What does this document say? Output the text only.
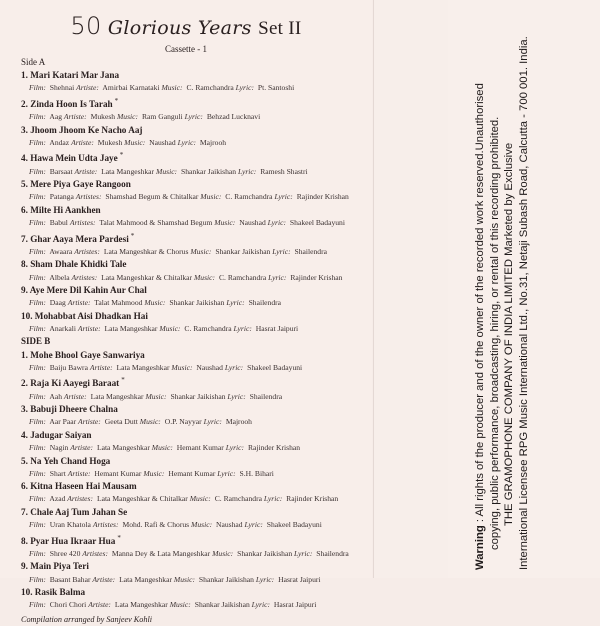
50 Glorious Years Set II
Cassette - 1
Side A
1. Mari Katari Mar Jana
Film: Shehnai Artiste: Amirbai Karnataki Music: C. Ramchandra Lyric: Pt. Santoshi
2. Zinda Hoon Is Tarah *
Film: Aag Artiste: Mukesh Music: Ram Ganguli Lyric: Behzad Lucknavi
3. Jhoom Jhoom Ke Nacho Aaj
Film: Andaz Artiste: Mukesh Music: Naushad Lyric: Majrooh
4. Hawa Mein Udta Jaye *
Film: Barsaat Artiste: Lata Mangeshkar Music: Shankar Jaikishan Lyric: Ramesh Shastri
5. Mere Piya Gaye Rangoon
Film: Patanga Artistes: Shamshad Begum & Chitalkar Music: C. Ramchandra Lyric: Rajinder Krishan
6. Milte Hi Aankhen
Film: Babul Artistes: Talat Mahmood & Shamshad Begum Music: Naushad Lyric: Shakeel Badayuni
7. Ghar Aaya Mera Pardesi *
Film: Awaara Artistes: Lata Mangeshkar & Chorus Music: Shankar Jaikishan Lyric: Shailendra
8. Sham Dhale Khidki Tale
Film: Albela Artistes: Lata Mangeshkar & Chitalkar Music: C. Ramchandra Lyric: Rajinder Krishan
9. Aye Mere Dil Kahin Aur Chal
Film: Daag Artiste: Talat Mahmood Music: Shankar Jaikishan Lyric: Shailendra
10. Mohabbat Aisi Dhadkan Hai
Film: Anarkali Artiste: Lata Mangeshkar Music: C. Ramchandra Lyric: Hasrat Jaipuri
SIDE B
1. Mohe Bhool Gaye Sanwariya
Film: Baiju Bawra Artiste: Lata Mangeshkar Music: Naushad Lyric: Shakeel Badayuni
2. Raja Ki Aayegi Baraat *
Film: Aah Artiste: Lata Mangeshkar Music: Shankar Jaikishan Lyric: Shailendra
3. Babuji Dheere Chalna
Film: Aar Paar Artiste: Geeta Dutt Music: O.P. Nayyar Lyric: Majrooh
4. Jadugar Saiyan
Film: Nagin Artiste: Lata Mangeshkar Music: Hemant Kumar Lyric: Rajinder Krishan
5. Na Yeh Chand Hoga
Film: Shart Artiste: Hemant Kumar Music: Hemant Kumar Lyric: S.H. Bihari
6. Kitna Haseen Hai Mausam
Film: Azad Artistes: Lata Mangeshkar & Chitalkar Music: C. Ramchandra Lyric: Rajinder Krishan
7. Chale Aaj Tum Jahan Se
Film: Uran Khatola Artistes: Mohd. Rafi & Chorus Music: Naushad Lyric: Shakeel Badayuni
8. Pyar Hua Ikraar Hua *
Film: Shree 420 Artistes: Manna Dey & Lata Mangeshkar Music: Shankar Jaikishan Lyric: Shailendra
9. Main Piya Teri
Film: Basant Bahar Artiste: Lata Mangeshkar Music: Shankar Jaikishan Lyric: Hasrat Jaipuri
10. Rasik Balma
Film: Chori Chori Artiste: Lata Mangeshkar Music: Shankar Jaikishan Lyric: Hasrat Jaipuri
Compilation arranged by Sanjeev Kohli
Warning : All rights of the producer and of the owner of the recorded work reserved.Unauthorised copying, public performance, broadcasting, hiring, or rental of this recording prohibited. THE GRAMOPHONE COMPANY OF INDIA LIMITED Marketed by Exclusive International Licensee RPG Music International Ltd., No.31, Netaji Subash Road, Calcutta - 700 001. India.
